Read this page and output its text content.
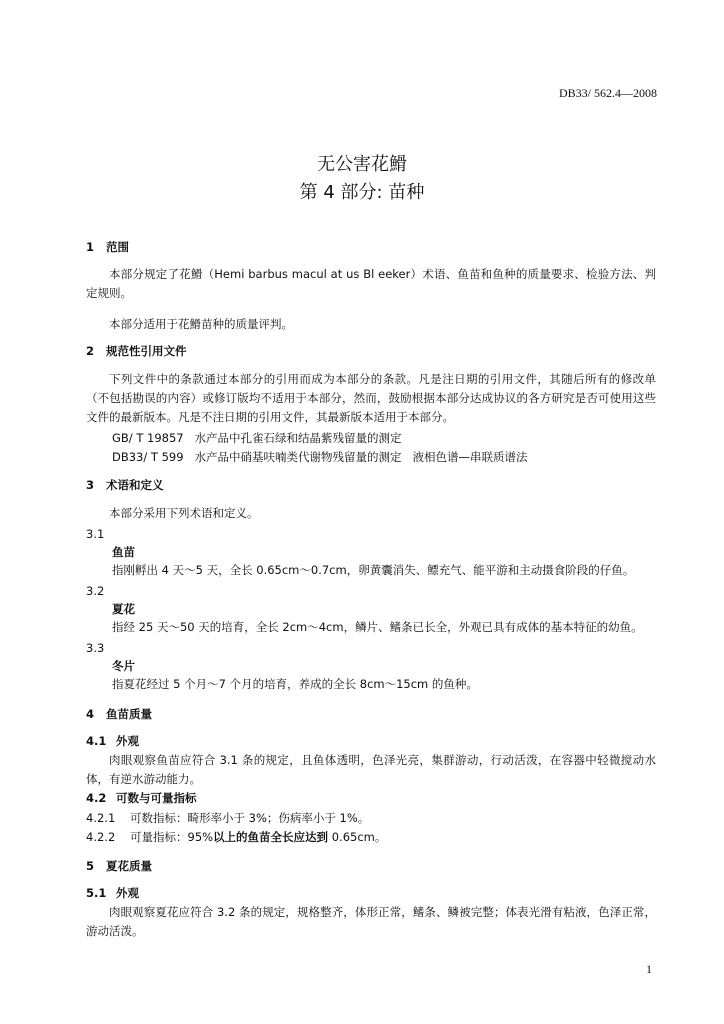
DB33/ 562.4—2008
无公害花䱻
第 4 部分: 苗种
1 范围
本部分规定了花䱻（Hemi barbus macul at us Bl eeker）术语、鱼苗和鱼种的质量要求、检验方法、判定规则。
本部分适用于花䱻苗种的质量评判。
2 规范性引用文件
下列文件中的条款通过本部分的引用而成为本部分的条款。凡是注日期的引用文件，其随后所有的修改单（不包括勘误的内容）或修订版均不适用于本部分，然而，鼓励根据本部分达成协议的各方研究是否可使用这些文件的最新版本。凡是不注日期的引用文件，其最新版本适用于本部分。
GB/ T 19857   水产品中孔雀石绿和结晶紫残留量的测定
DB33/ T 599   水产品中硝基呋喃类代谢物残留量的测定   液相色谱—串联质谱法
3 术语和定义
本部分采用下列术语和定义。
3.1
鱼苗
指刚孵出 4 天～5 天，全长 0.65cm～0.7cm，卵黄囊消失、鳔充气、能平游和主动摄食阶段的仔鱼。
3.2
夏花
指经 25 天～50 天的培育，全长 2cm～4cm，鳞片、鳍条已长全，外观已具有成体的基本特征的幼鱼。
3.3
冬片
指夏花经过 5 个月～7 个月的培育，养成的全长 8cm～15cm 的鱼种。
4 鱼苗质量
4.1 外观
肉眼观察鱼苗应符合 3.1 条的规定，且鱼体透明，色泽光亮，集群游动，行动活泼，在容器中轻微搅动水体，有逆水游动能力。
4.2 可数与可量指标
4.2.1 可数指标：畸形率小于 3%；伤病率小于 1%。
4.2.2 可量指标：95%以上的鱼苗全长应达到 0.65cm。
5 夏花质量
5.1 外观
肉眼观察夏花应符合 3.2 条的规定，规格整齐，体形正常，鳍条、鳞被完整；体表光滑有粘液，色泽正常，游动活泼。
1
